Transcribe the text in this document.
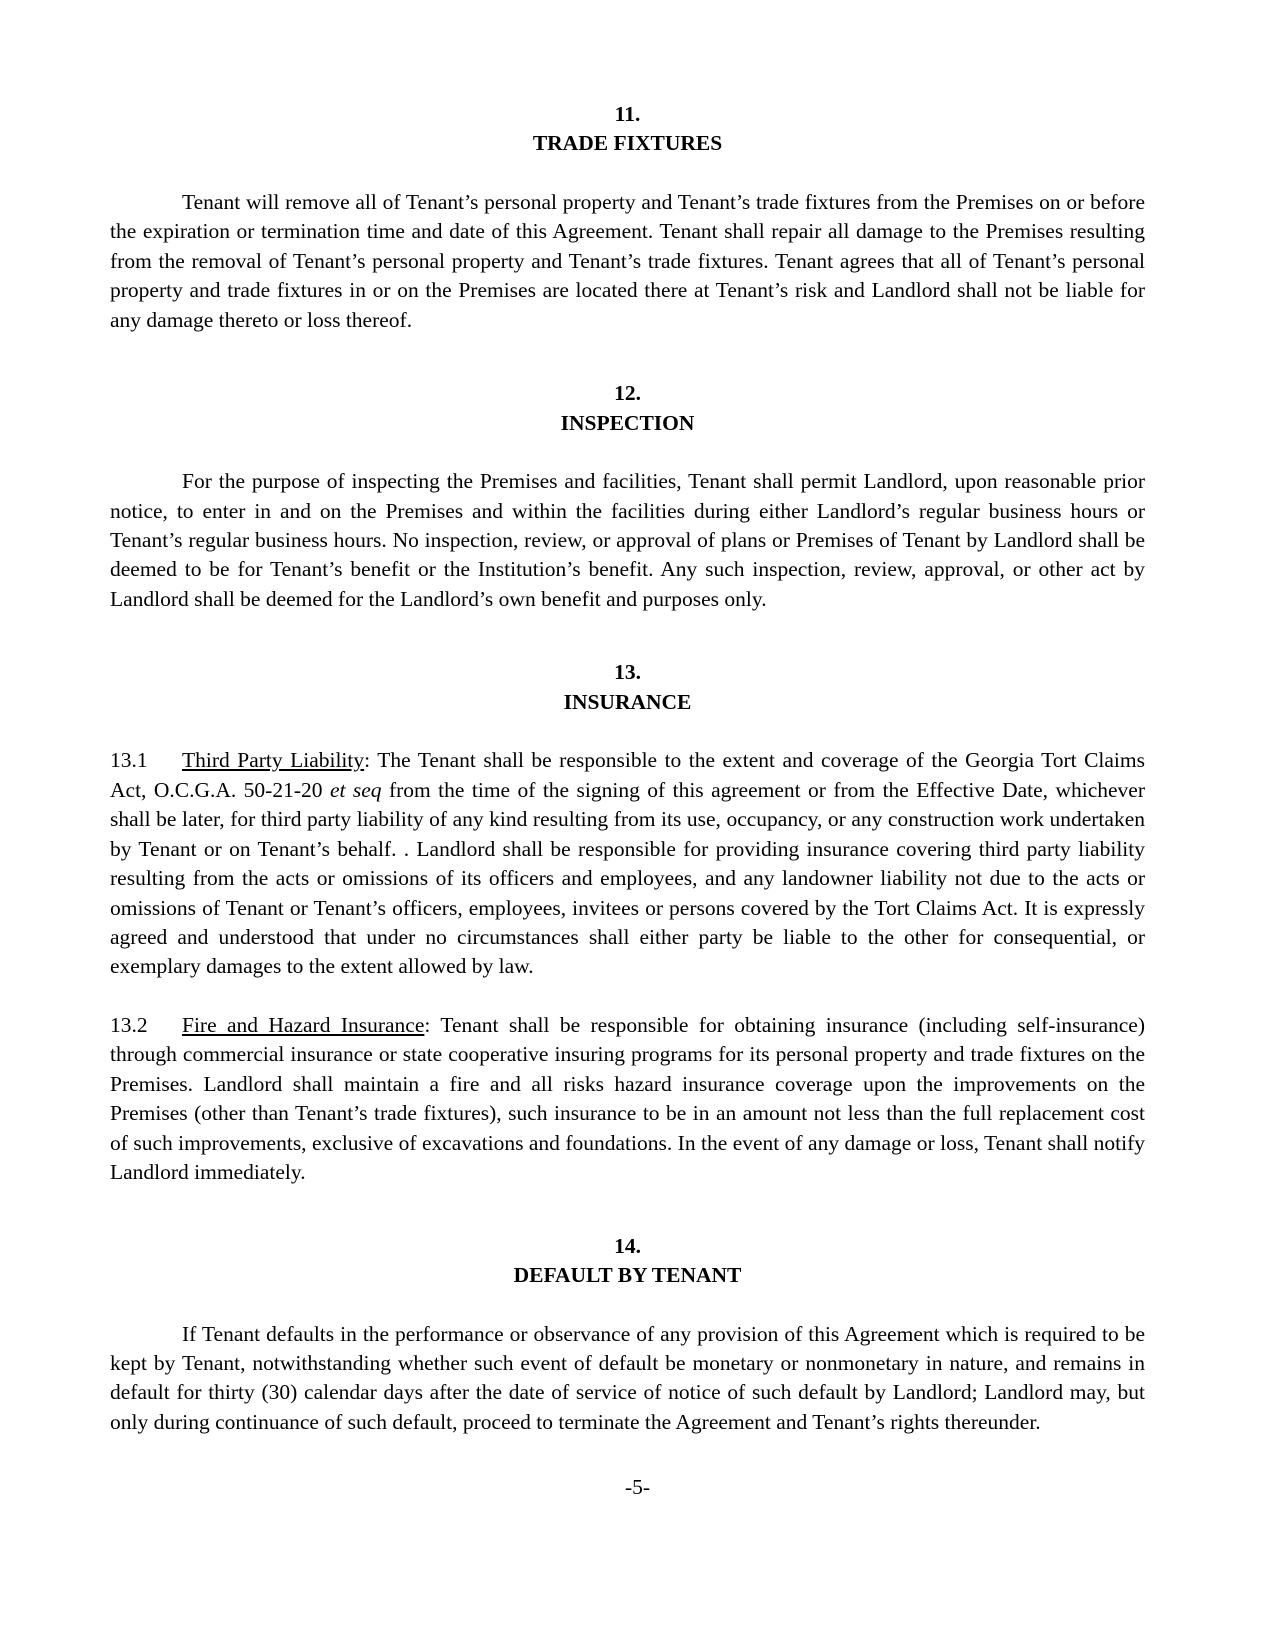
11.
TRADE FIXTURES

Tenant will remove all of Tenant’s personal property and Tenant’s trade fixtures from the Premises on or before the expiration or termination time and date of this Agreement. Tenant shall repair all damage to the Premises resulting from the removal of Tenant’s personal property and Tenant’s trade fixtures. Tenant agrees that all of Tenant’s personal property and trade fixtures in or on the Premises are located there at Tenant’s risk and Landlord shall not be liable for any damage thereto or loss thereof.

12.
INSPECTION

For the purpose of inspecting the Premises and facilities, Tenant shall permit Landlord, upon reasonable prior notice, to enter in and on the Premises and within the facilities during either Landlord’s regular business hours or Tenant’s regular business hours. No inspection, review, or approval of plans or Premises of Tenant by Landlord shall be deemed to be for Tenant’s benefit or the Institution’s benefit. Any such inspection, review, approval, or other act by Landlord shall be deemed for the Landlord’s own benefit and purposes only.

13.
INSURANCE

13.1 Third Party Liability: The Tenant shall be responsible to the extent and coverage of the Georgia Tort Claims Act, O.C.G.A. 50-21-20 et seq from the time of the signing of this agreement or from the Effective Date, whichever shall be later, for third party liability of any kind resulting from its use, occupancy, or any construction work undertaken by Tenant or on Tenant’s behalf. . Landlord shall be responsible for providing insurance covering third party liability resulting from the acts or omissions of its officers and employees, and any landowner liability not due to the acts or omissions of Tenant or Tenant’s officers, employees, invitees or persons covered by the Tort Claims Act. It is expressly agreed and understood that under no circumstances shall either party be liable to the other for consequential, or exemplary damages to the extent allowed by law.

13.2 Fire and Hazard Insurance: Tenant shall be responsible for obtaining insurance (including self-insurance) through commercial insurance or state cooperative insuring programs for its personal property and trade fixtures on the Premises. Landlord shall maintain a fire and all risks hazard insurance coverage upon the improvements on the Premises (other than Tenant’s trade fixtures), such insurance to be in an amount not less than the full replacement cost of such improvements, exclusive of excavations and foundations. In the event of any damage or loss, Tenant shall notify Landlord immediately.

14.
DEFAULT BY TENANT

If Tenant defaults in the performance or observance of any provision of this Agreement which is required to be kept by Tenant, notwithstanding whether such event of default be monetary or nonmonetary in nature, and remains in default for thirty (30) calendar days after the date of service of notice of such default by Landlord; Landlord may, but only during continuance of such default, proceed to terminate the Agreement and Tenant’s rights thereunder.

-5-
